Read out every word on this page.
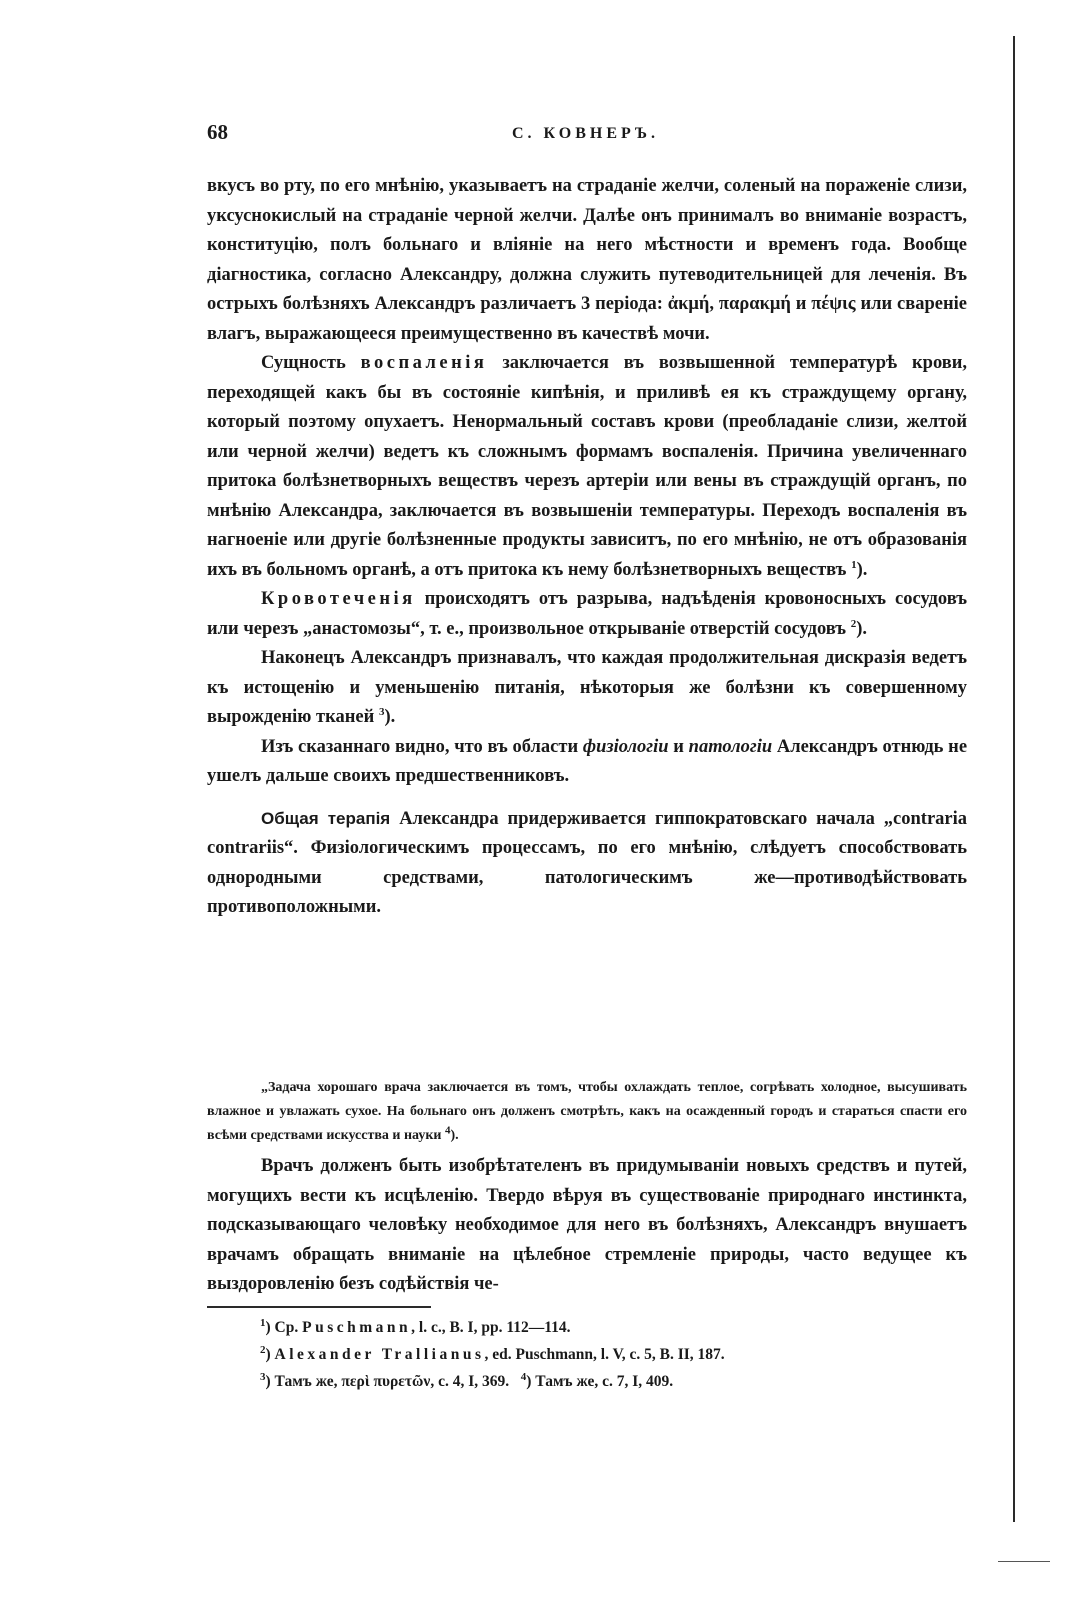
68	С. КОВНЕРЪ.

вкусъ во рту, по его мнѣнію, указываетъ на страданіе желчи, соленый на пораженіе слизи, уксуснокислый на страданіе черной желчи. Далѣе онъ принималъ во вниманіе возрастъ, конституцію, полъ больнаго и вліяніе на него мѣстности и временъ года. Вообще діагностика, согласно Александру, должна служить путеводительницей для леченія. Въ острыхъ болѣзняхъ Александръ различаетъ 3 періода: ἀκμή, παρακμή и πέψις или свареніе влагъ, выражающееся преимущественно въ качествѣ мочи.

Сущность воспаленія заключается въ возвышенной температурѣ крови, переходящей какъ бы въ состояніе кипѣнія, и приливѣ ея къ страждущему органу, который поэтому опухаетъ. Ненормальный составъ крови (преобладаніе слизи, желтой или черной желчи) ведетъ къ сложнымъ формамъ воспаленія. Причина увеличеннаго притока болѣзнетворныхъ веществъ черезъ артеріи или вены въ страждущій органъ, по мнѣнію Александра, заключается въ возвышеніи температуры. Переходъ воспаленія въ нагноеніе или другіе болѣзненные продукты зависитъ, по его мнѣнію, не отъ образованія ихъ въ больномъ органѣ, а отъ притока къ нему болѣзнетворныхъ веществъ $^1$).

Кровотеченія происходятъ отъ разрыва, надъѣденія кровоносныхъ сосудовъ или черезъ „анастомозы“, т. е., произвольное открываніе отверстій сосудовъ $^2$).

Наконецъ Александръ признавалъ, что каждая продолжительная дискразія ведетъ къ истощенію и уменьшенію питанія, нѣкоторыя же болѣзни къ совершенному вырожденію тканей $^3$).

Изъ сказаннаго видно, что въ области физіологіи и патологіи Александръ отнюдь не ушелъ дальше своихъ предшественниковъ.

Общая терапія Александра придерживается гиппократовскаго начала „contraria contrariis“. Физіологическимъ процессамъ, по его мнѣнію, слѣдуетъ способствовать однородными средствами, патологическимъ же—противодѣйствовать противоположными.

„Задача хорошаго врача заключается въ томъ, чтобы охлаждать теплое, согрѣвать холодное, высушивать влажное и увлажать сухое. На больнаго онъ долженъ смотрѣть, какъ на осажденный городъ и стараться спасти его всѣми средствами искусства и науки $^4$).

Врачъ долженъ быть изобрѣтателенъ въ придумываніи новыхъ средствъ и путей, могущихъ вести къ исцѣленію. Твердо вѣруя въ существованіе природнаго инстинкта, подсказывающаго человѣку необходимое для него въ болѣзняхъ, Александръ внушаетъ врачамъ обращать вниманіе на цѣлебное стремленіе природы, часто ведущее къ выздоровленію безъ содѣйствія че-

$^1$) Ср. Puschmann, l. c., B. I, pp. 112—114.
$^2$) Alexander Trallianus, ed. Puschmann, l. V, c. 5, B. II, 187.
$^3$) Тамъ же, περὶ πυρετῶν, c. 4, I, 369. $^4$) Тамъ же, c. 7, I, 409.
